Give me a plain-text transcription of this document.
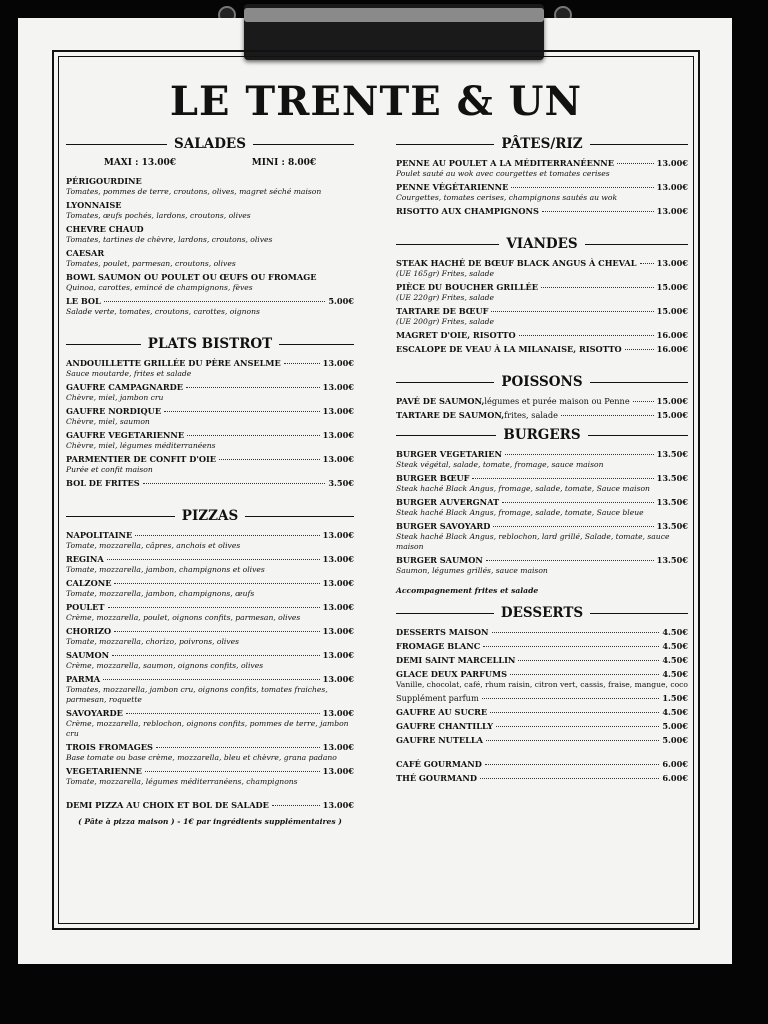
LE TRENTE & UN
SALADES
MAXI : 13.00€	MINI : 8.00€
PÉRIGOURDINE
Tomates, pommes de terre, croutons, olives, magret séché maison
LYONNAISE
Tomates, œufs pochés, lardons, croutons, olives
CHEVRE CHAUD
Tomates, tartines de chèvre, lardons, croutons, olives
CAESAR
Tomates, poulet, parmesan, croutons, olives
BOWL SAUMON OU POULET OU ŒUFS OU FROMAGE
Quinoa, carottes, emincé de champignons, fèves
LE BOL	5.00€
Salade verte, tomates, croutons, carottes, oignons
PLATS BISTROT
ANDOUILLETTE GRILLÉE DU PÈRE ANSELME	13.00€
Sauce moutarde, frites et salade
GAUFRE CAMPAGNARDE	13.00€
Chèvre, miel, jambon cru
GAUFRE NORDIQUE	13.00€
Chèvre, miel, saumon
GAUFRE VEGETARIENNE	13.00€
Chèvre, miel, légumes méditerranéens
PARMENTIER DE CONFIT D'OIE	13.00€
Purée et confit maison
BOL DE FRITES	3.50€
PIZZAS
NAPOLITAINE	13.00€
Tomate, mozzarella, câpres, anchois et olives
REGINA	13.00€
Tomate, mozzarella, jambon, champignons et olives
CALZONE	13.00€
Tomate, mozzarella, jambon, champignons, œufs
POULET	13.00€
Crème, mozzarella, poulet, oignons confits, parmesan, olives
CHORIZO	13.00€
Tomate, mozzarella, chorizo, poivrons, olives
SAUMON	13.00€
Crème, mozzarella, saumon, oignons confits, olives
PARMA	13.00€
Tomates, mozzarella, jambon cru, oignons confits, tomates fraiches, parmesan, roquette
SAVOYARDE	13.00€
Crème, mozzarella, reblochon, oignons confits, pommes de terre, jambon cru
TROIS FROMAGES	13.00€
Base tomate ou base crème, mozzarella, bleu et chèvre, grana padano
VEGETARIENNE	13.00€
Tomate, mozzarella, légumes méditerranéens, champignons
DEMI PIZZA AU CHOIX ET BOL DE SALADE	13.00€
( Pâte à pizza maison ) - 1€ par ingrédients supplémentaires )
PÂTES/RIZ
PENNE AU POULET A LA MÉDITERRANÉENNE	13.00€
Poulet sauté au wok avec courgettes et tomates cerises
PENNE VÉGÉTARIENNE	13.00€
Courgettes, tomates cerises, champignons sautés au wok
RISOTTO AUX CHAMPIGNONS	13.00€
VIANDES
STEAK HACHÉ DE BŒUF BLACK ANGUS À CHEVAL 13.00€
(UE 165gr) Frites, salade
PIÈCE DU BOUCHER GRILLÉE	15.00€
(UE 220gr) Frites, salade
TARTARE DE BŒUF	15.00€
(UE 200gr) Frites, salade
MAGRET D'OIE, RISOTTO	16.00€
ESCALOPE DE VEAU À LA MILANAISE, RISOTTO	16.00€
POISSONS
PAVÉ DE SAUMON, légumes et purée maison ou Penne	15.00€
TARTARE DE SAUMON, frites, salade	15.00€
BURGERS
BURGER VEGETARIEN	13.50€
Steak végétal, salade, tomate, fromage, sauce maison
BURGER BŒUF	13.50€
Steak haché Black Angus, fromage, salade, tomate, Sauce maison
BURGER AUVERGNAT	13.50€
Steak haché Black Angus, fromage, salade, tomate, Sauce bleue
BURGER SAVOYARD	13.50€
Steak haché Black Angus, reblochon, lard grillé, Salade, tomate, sauce maison
BURGER SAUMON	13.50€
Saumon, légumes grillés, sauce maison
Accompagnement frites et salade
DESSERTS
DESSERTS MAISON	4.50€
FROMAGE BLANC	4.50€
DEMI SAINT MARCELLIN	4.50€
GLACE DEUX PARFUMS	4.50€
Vanille, chocolat, café, rhum raisin, citron vert, cassis, fraise, mangue, coco
Supplément parfum	1.50€
GAUFRE AU SUCRE	4.50€
GAUFRE CHANTILLY	5.00€
GAUFRE NUTELLA	5.00€
CAFÉ GOURMAND	6.00€
THÉ GOURMAND	6.00€
